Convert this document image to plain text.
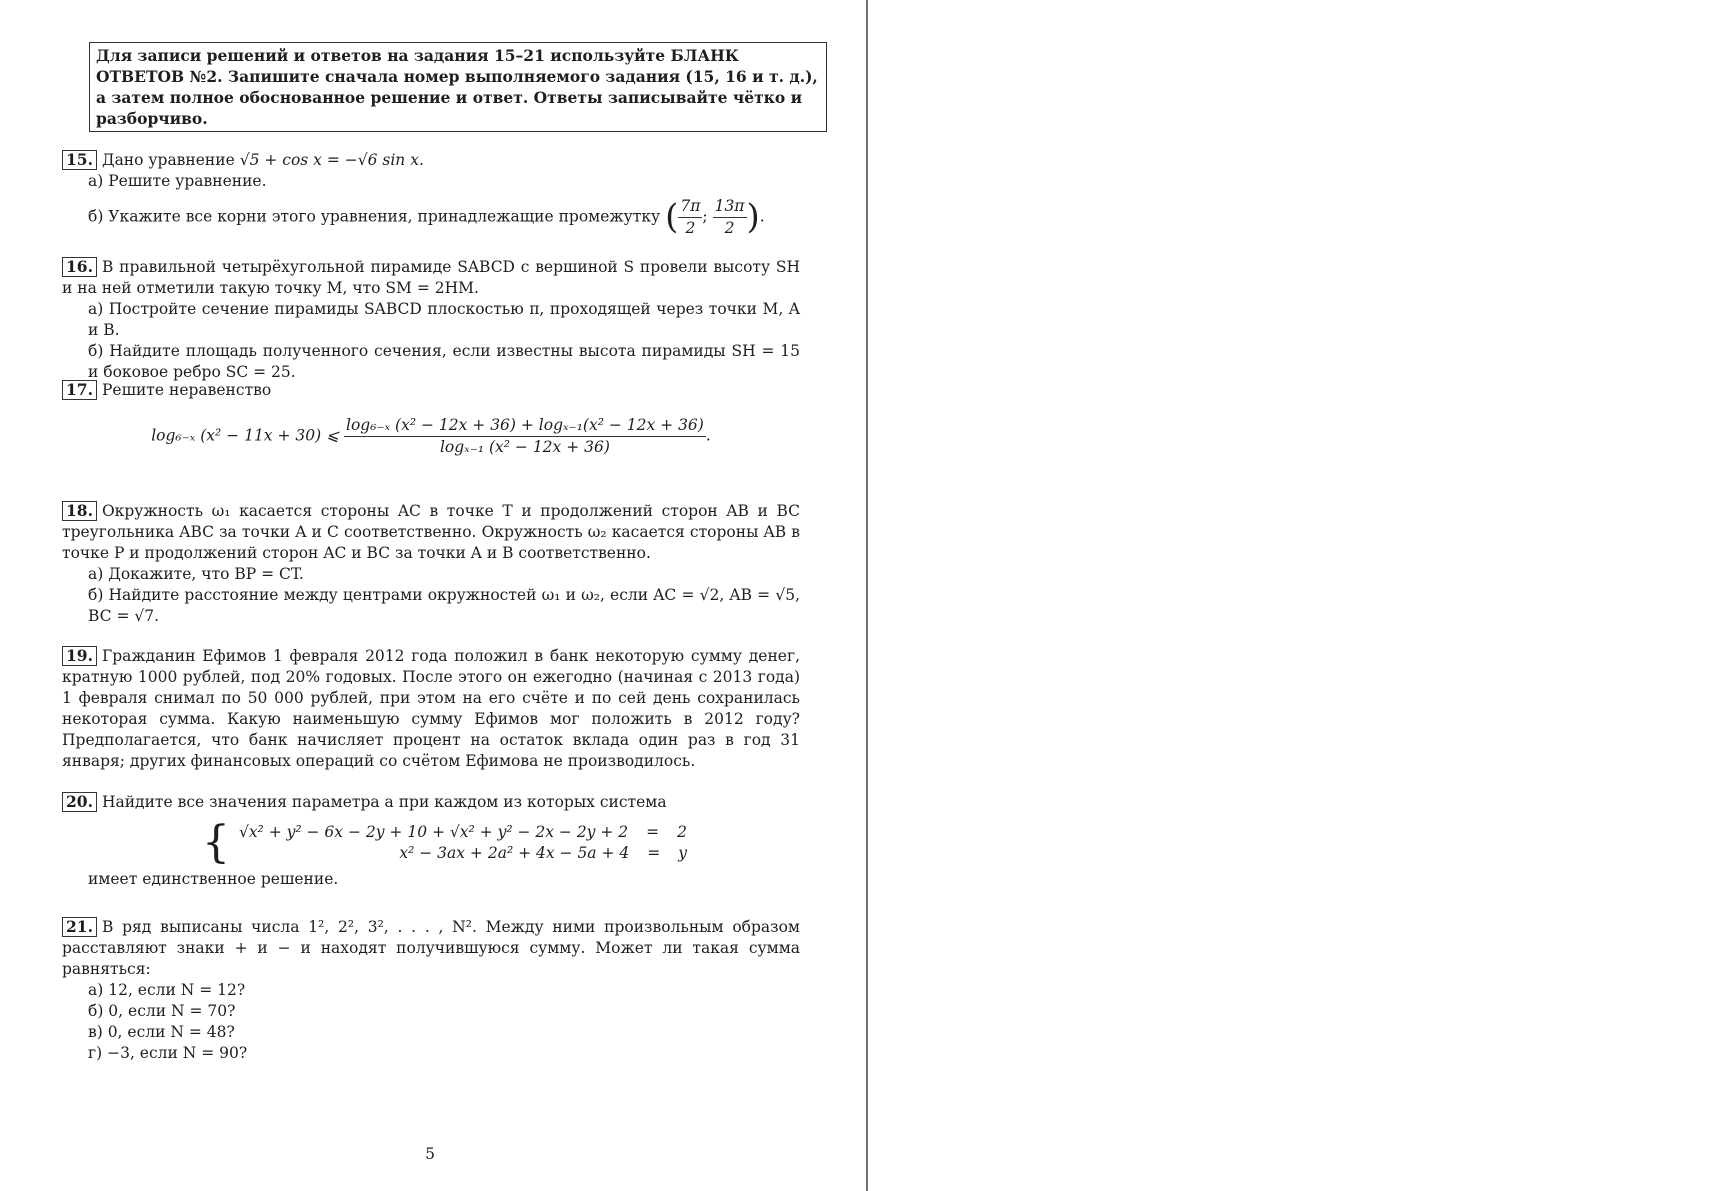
Для записи решений и ответов на задания 15–21 используйте БЛАНК ОТВЕТОВ №2. Запишите сначала номер выполняемого задания (15, 16 и т. д.), а затем полное обоснованное решение и ответ. Ответы записывайте чётко и разборчиво.
15. Дано уравнение √5 + cos x = −√6 sin x.
а) Решите уравнение.
б) Укажите все корни этого уравнения, принадлежащие промежутку ( $\frac{7\pi}{2}$ ; $\frac{13\pi}{2}$ ).
16. В правильной четырёхугольной пирамиде SABCD с вершиной S провели высоту SH и на ней отметили такую точку M, что SM = 2HM.
а) Постройте сечение пирамиды SABCD плоскостью π, проходящей через точки M, A и B.
б) Найдите площадь полученного сечения, если известны высота пирамиды SH = 15 и боковое ребро SC = 25.
17. Решите неравенство
log₆₋ₓ (x² − 11x + 30) ⩽ $\frac{\text{log₆₋ₓ (x² − 12x + 36) + logₓ₋₁(x² − 12x + 36)}}{\text{logₓ₋₁ (x² − 12x + 36)}}$ .
18. Окружность ω₁ касается стороны AC в точке T и продолжений сторон AB и BC треугольника ABC за точки A и C соответственно. Окружность ω₂ касается стороны AB в точке P и продолжений сторон AC и BC за точки A и B соответственно.
а) Докажите, что BP = CT.
б) Найдите расстояние между центрами окружностей ω₁ и ω₂, если AC = √2, AB = √5, BC = √7.
19. Гражданин Ефимов 1 февраля 2012 года положил в банк некоторую сумму денег, кратную 1000 рублей, под 20% годовых. После этого он ежегодно (начиная с 2013 года) 1 февраля снимал по 50 000 рублей, при этом на его счёте и по сей день сохранилась некоторая сумма. Какую наименьшую сумму Ефимов мог положить в 2012 году? Предполагается, что банк начисляет процент на остаток вклада один раз в год 31 января; других финансовых операций со счётом Ефимова не производилось.
20. Найдите все значения параметра a при каждом из которых система
{ √x² + y² − 6x − 2y + 10 + √x² + y² − 2x − 2y + 2 = 2
x² − 3ax + 2a² + 4x − 5a + 4 = y
имеет единственное решение.
21. В ряд выписаны числа 1², 2², 3², . . . , N². Между ними произвольным образом расставляют знаки + и − и находят получившуюся сумму. Может ли такая сумма равняться:
а) 12, если N = 12?
б) 0, если N = 70?
в) 0, если N = 48?
г) −3, если N = 90?
5
